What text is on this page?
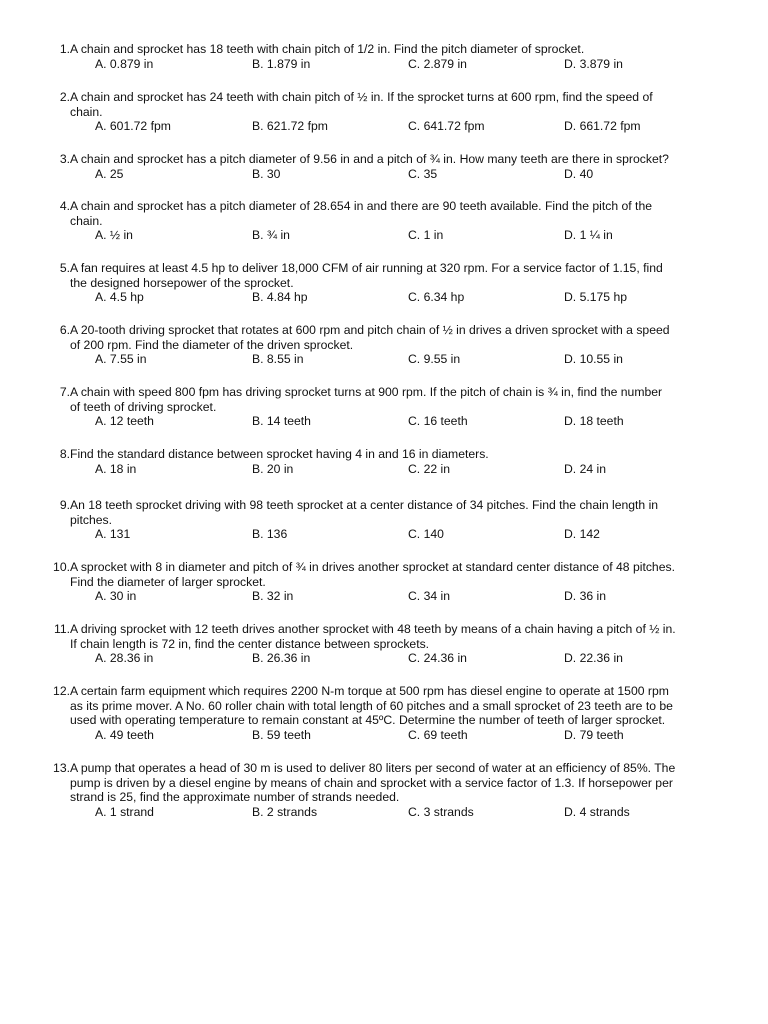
1. A chain and sprocket has 18 teeth with chain pitch of 1/2 in. Find the pitch diameter of sprocket.
A. 0.879 in	B. 1.879 in	C. 2.879 in	D. 3.879 in
2. A chain and sprocket has 24 teeth with chain pitch of ½ in. If the sprocket turns at 600 rpm, find the speed of
chain.
A. 601.72 fpm	B. 621.72 fpm	C. 641.72 fpm	D. 661.72 fpm
3. A chain and sprocket has a pitch diameter of 9.56 in and a pitch of ¾ in. How many teeth are there in sprocket?
A. 25	B. 30	C. 35	D. 40
4. A chain and sprocket has a pitch diameter of 28.654 in and there are 90 teeth available. Find the pitch of the
chain.
A. ½ in	B. ¾ in	C. 1 in	D. 1 ¼ in
5. A fan requires at least 4.5 hp to deliver 18,000 CFM of air running at 320 rpm. For a service factor of 1.15, find
the designed horsepower of the sprocket.
A. 4.5 hp	B. 4.84 hp	C. 6.34 hp	D. 5.175 hp
6. A 20-tooth driving sprocket that rotates at 600 rpm and pitch chain of ½ in drives a driven sprocket with a speed
of 200 rpm. Find the diameter of the driven sprocket.
A. 7.55 in	B. 8.55 in	C. 9.55 in	D. 10.55 in
7. A chain with speed 800 fpm has driving sprocket turns at 900 rpm. If the pitch of chain is ¾ in, find the number
of teeth of driving sprocket.
A. 12 teeth	B. 14 teeth	C. 16 teeth	D. 18 teeth
8. Find the standard distance between sprocket having 4 in and 16 in diameters.
A. 18 in	B. 20 in	C. 22 in	D. 24 in
9. An 18 teeth sprocket driving with 98 teeth sprocket at a center distance of 34 pitches. Find the chain length in
pitches.
A. 131	B. 136	C. 140	D. 142
10. A sprocket with 8 in diameter and pitch of ¾ in drives another sprocket at standard center distance of 48 pitches.
Find the diameter of larger sprocket.
A. 30 in	B. 32 in	C. 34 in	D. 36 in
11. A driving sprocket with 12 teeth drives another sprocket with 48 teeth by means of a chain having a pitch of ½ in.
If chain length is 72 in, find the center distance between sprockets.
A. 28.36 in	B. 26.36 in	C. 24.36 in	D. 22.36 in
12. A certain farm equipment which requires 2200 N-m torque at 500 rpm has diesel engine to operate at 1500 rpm
as its prime mover. A No. 60 roller chain with total length of 60 pitches and a small sprocket of 23 teeth are to be
used with operating temperature to remain constant at 45ºC. Determine the number of teeth of larger sprocket.
A. 49 teeth	B. 59 teeth	C. 69 teeth	D. 79 teeth
13. A pump that operates a head of 30 m is used to deliver 80 liters per second of water at an efficiency of 85%. The
pump is driven by a diesel engine by means of chain and sprocket with a service factor of 1.3. If horsepower per
strand is 25, find the approximate number of strands needed.
A. 1 strand	B. 2 strands	C. 3 strands	D. 4 strands
